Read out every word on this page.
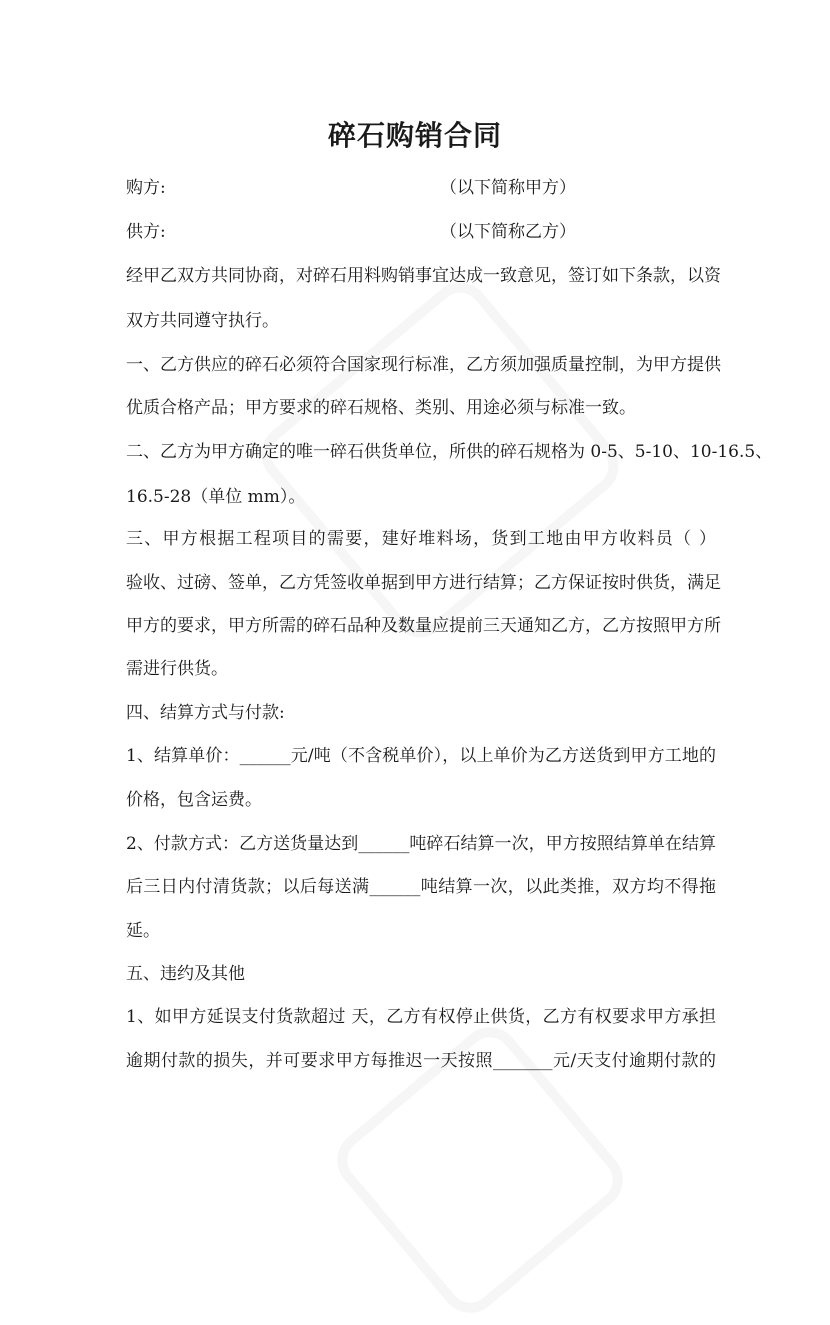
碎石购销合同
购方:	（以下简称甲方）
供方:	（以下简称乙方）
经甲乙双方共同协商，对碎石用料购销事宜达成一致意见，签订如下条款，以资
双方共同遵守执行。
一、乙方供应的碎石必须符合国家现行标准，乙方须加强质量控制，为甲方提供
优质合格产品；甲方要求的碎石规格、类别、用途必须与标准一致。
二、乙方为甲方确定的唯一碎石供货单位，所供的碎石规格为 0-5、5-10、10-16.5、
16.5-28（单位 mm）。
三、甲方根据工程项目的需要，建好堆料场，货到工地由甲方收料员（ ）
验收、过磅、签单，乙方凭签收单据到甲方进行结算；乙方保证按时供货，满足
甲方的要求，甲方所需的碎石品种及数量应提前三天通知乙方，乙方按照甲方所
需进行供货。
四、结算方式与付款:
1、结算单价：______元/吨（不含税单价），以上单价为乙方送货到甲方工地的
价格，包含运费。
2、付款方式：乙方送货量达到______吨碎石结算一次，甲方按照结算单在结算
后三日内付清货款；以后每送满______吨结算一次，以此类推，双方均不得拖
延。
五、违约及其他
1、如甲方延误支付货款超过 天，乙方有权停止供货，乙方有权要求甲方承担
逾期付款的损失，并可要求甲方每推迟一天按照_______元/天支付逾期付款的
